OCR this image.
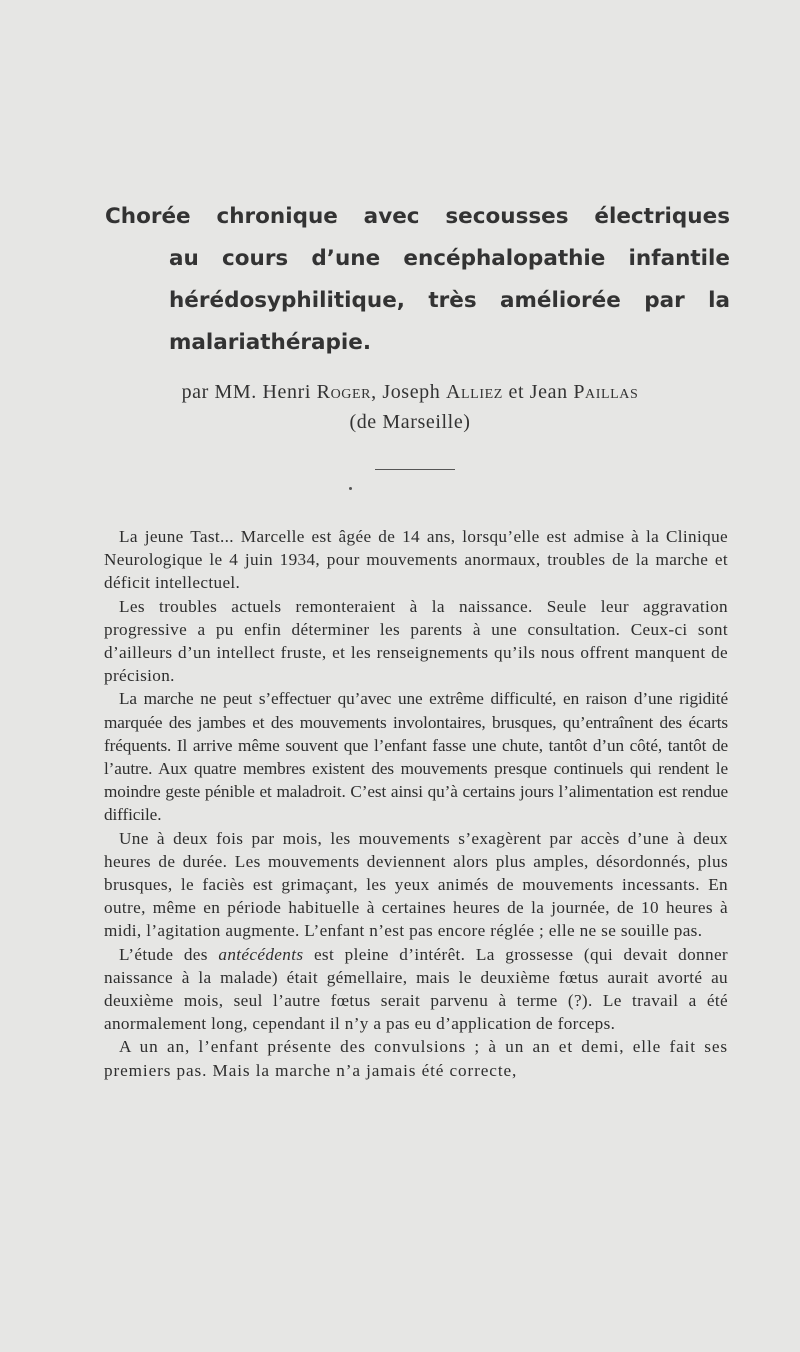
Chorée chronique avec secousses électriques
au cours d’une encéphalopathie infantile
hérédosyphilitique, très améliorée par la
malariathérapie.
par MM. Henri Roger, Joseph Alliez et Jean Paillas
(de Marseille)

La jeune Tast... Marcelle est âgée de 14 ans, lorsqu’elle est admise à la Clinique Neurologique le 4 juin 1934, pour mouvements anormaux, troubles de la marche et déficit intellectuel.

Les troubles actuels remonteraient à la naissance. Seule leur aggravation progressive a pu enfin déterminer les parents à une consultation. Ceux-ci sont d’ailleurs d’un intellect fruste, et les renseignements qu’ils nous offrent manquent de précision.

La marche ne peut s’effectuer qu’avec une extrême difficulté, en raison d’une rigidité marquée des jambes et des mouvements involontaires, brusques, qu’entraînent des écarts fréquents. Il arrive même souvent que l’enfant fasse une chute, tantôt d’un côté, tantôt de l’autre. Aux quatre membres existent des mouvements presque continuels qui rendent le moindre geste pénible et maladroit. C’est ainsi qu’à certains jours l’alimentation est rendue difficile.

Une à deux fois par mois, les mouvements s’exagèrent par accès d’une à deux heures de durée. Les mouvements deviennent alors plus amples, désordonnés, plus brusques, le faciès est grimaçant, les yeux animés de mouvements incessants. En outre, même en période habituelle à certaines heures de la journée, de 10 heures à midi, l’agitation augmente. L’enfant n’est pas encore réglée ; elle ne se souille pas.

L’étude des antécédents est pleine d’intérêt. La grossesse (qui devait donner naissance à la malade) était gémellaire, mais le deuxième fœtus aurait avorté au deuxième mois, seul l’autre fœtus serait parvenu à terme (?). Le travail a été anormalement long, cependant il n’y a pas eu d’application de forceps.

A un an, l’enfant présente des convulsions ; à un an et demi, elle fait ses premiers pas. Mais la marche n’a jamais été correcte,
